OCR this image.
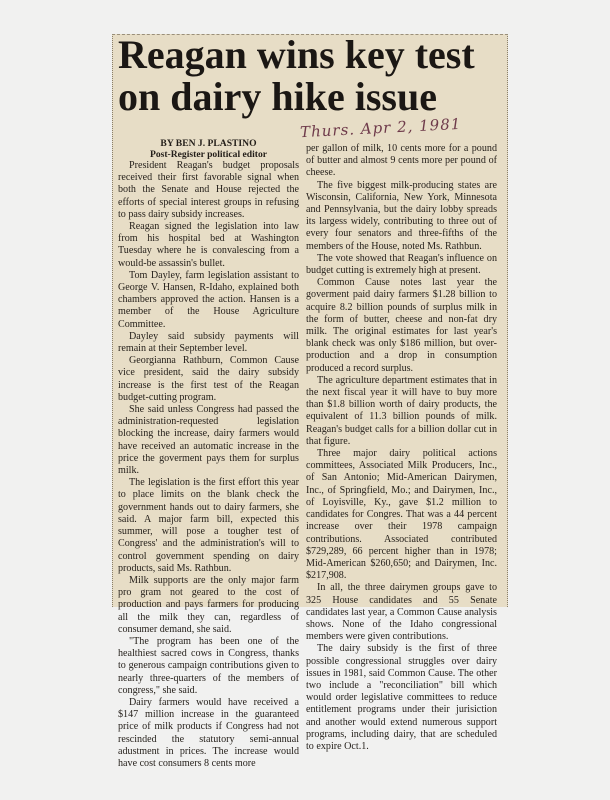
Reagan wins key test
on dairy hike issue
Thurs. Apr 2, 1981
BY BEN J. PLASTINO
Post-Register political editor

President Reagan's budget proposals received their first favorable signal when both the Senate and House rejected the efforts of special interest groups in refusing to pass dairy subsidy increases.

Reagan signed the legislation into law from his hospital bed at Washington Tuesday where he is convalescing from a would-be assassin's bullet.

Tom Dayley, farm legislation assistant to George V. Hansen, R-Idaho, explained both chambers approved the action. Hansen is a member of the House Agriculture Committee.

Dayley said subsidy payments will remain at their September level.

Georgianna Rathburn, Common Cause vice president, said the dairy subsidy increase is the first test of the Reagan budget-cutting program.

She said unless Congress had passed the administration-requested legislation blocking the increase, dairy farmers would have received an automatic increase in the price the goverment pays them for surplus milk.

The legislation is the first effort this year to place limits on the blank check the government hands out to dairy farmers, she said. A major farm bill, expected this summer, will pose a tougher test of Congress' and the administration's will to control government spending on dairy products, said Ms. Rathbun.

Milk supports are the only major farm pro gram not geared to the cost of production and pays farmers for producing all the milk they can, regardless of consumer demand, she said.

"The program has been one of the healthiest sacred cows in Congress, thanks to generous campaign contributions given to nearly three-quarters of the members of congress," she said.

Dairy farmers would have received a $147 million increase in the guaranteed price of milk products if Congress had not rescinded the statutory semi-annual adustment in prices. The increase would have cost consumers 8 cents more

per gallon of milk, 10 cents more for a pound of butter and almost 9 cents more per pound of cheese.

The five biggest milk-producing states are Wisconsin, California, New York, Minnesota and Pennsylvania, but the dairy lobby spreads its largess widely, contributing to three out of every four senators and three-fifths of the members of the House, noted Ms. Rathbun.

The vote showed that Reagan's influence on budget cutting is extremely high at present.

Common Cause notes last year the goverment paid dairy farmers $1.28 billion to acquire 8.2 billion pounds of surplus milk in the form of butter, cheese and non-fat dry milk. The original estimates for last year's blank check was only $186 million, but over-production and a drop in consumption produced a record surplus.

The agriculture department estimates that in the next fiscal year it will have to buy more than $1.8 billion worth of dairy products, the equivalent of 11.3 billion pounds of milk. Reagan's budget calls for a billion dollar cut in that figure.

Three major dairy political actions committees, Associated Milk Producers, Inc., of San Antonio; Mid-American Dairymen, Inc., of Springfield, Mo.; and Dairymen, Inc., of Loyisville, Ky., gave $1.2 million to candidates for Congres. That was a 44 percent increase over their 1978 campaign contributions. Associated contributed $729,289, 66 percent higher than in 1978; Mid-American $260,650; and Dairymen, Inc. $217,908.

In all, the three dairymen groups gave to 325 House candidates and 55 Senate candidates last year, a Common Cause analysis shows. None of the Idaho congressional members were given contributions.

The dairy subsidy is the first of three possible congressional struggles over dairy issues in 1981, said Common Cause. The other two include a "reconciliation" bill which would order legislative committees to reduce entitlement programs under their jurisiction and another would extend numerous support programs, including dairy, that are scheduled to expire Oct.1.
